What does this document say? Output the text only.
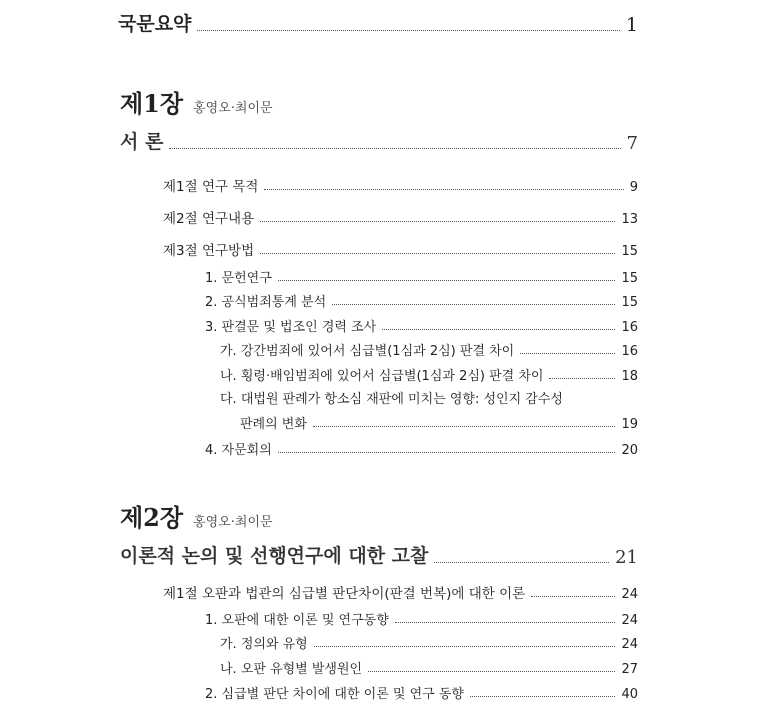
국문요약	1
제1장 홍영오·최이문
서 론	7
제1절 연구 목적	9
제2절 연구내용	13
제3절 연구방법	15
1. 문헌연구	15
2. 공식범죄통계 분석	15
3. 판결문 및 법조인 경력 조사	16
가. 강간범죄에 있어서 심급별(1심과 2심) 판결 차이	16
나. 횡령·배임범죄에 있어서 심급별(1심과 2심) 판결 차이	18
다. 대법원 판례가 항소심 재판에 미치는 영향: 성인지 감수성
판례의 변화	19
4. 자문회의	20
제2장 홍영오·최이문
이론적 논의 및 선행연구에 대한 고찰	21
제1절 오판과 법관의 심급별 판단차이(판결 번복)에 대한 이론	24
1. 오판에 대한 이론 및 연구동향	24
가. 정의와 유형	24
나. 오판 유형별 발생원인	27
2. 심급별 판단 차이에 대한 이론 및 연구 동향	40
